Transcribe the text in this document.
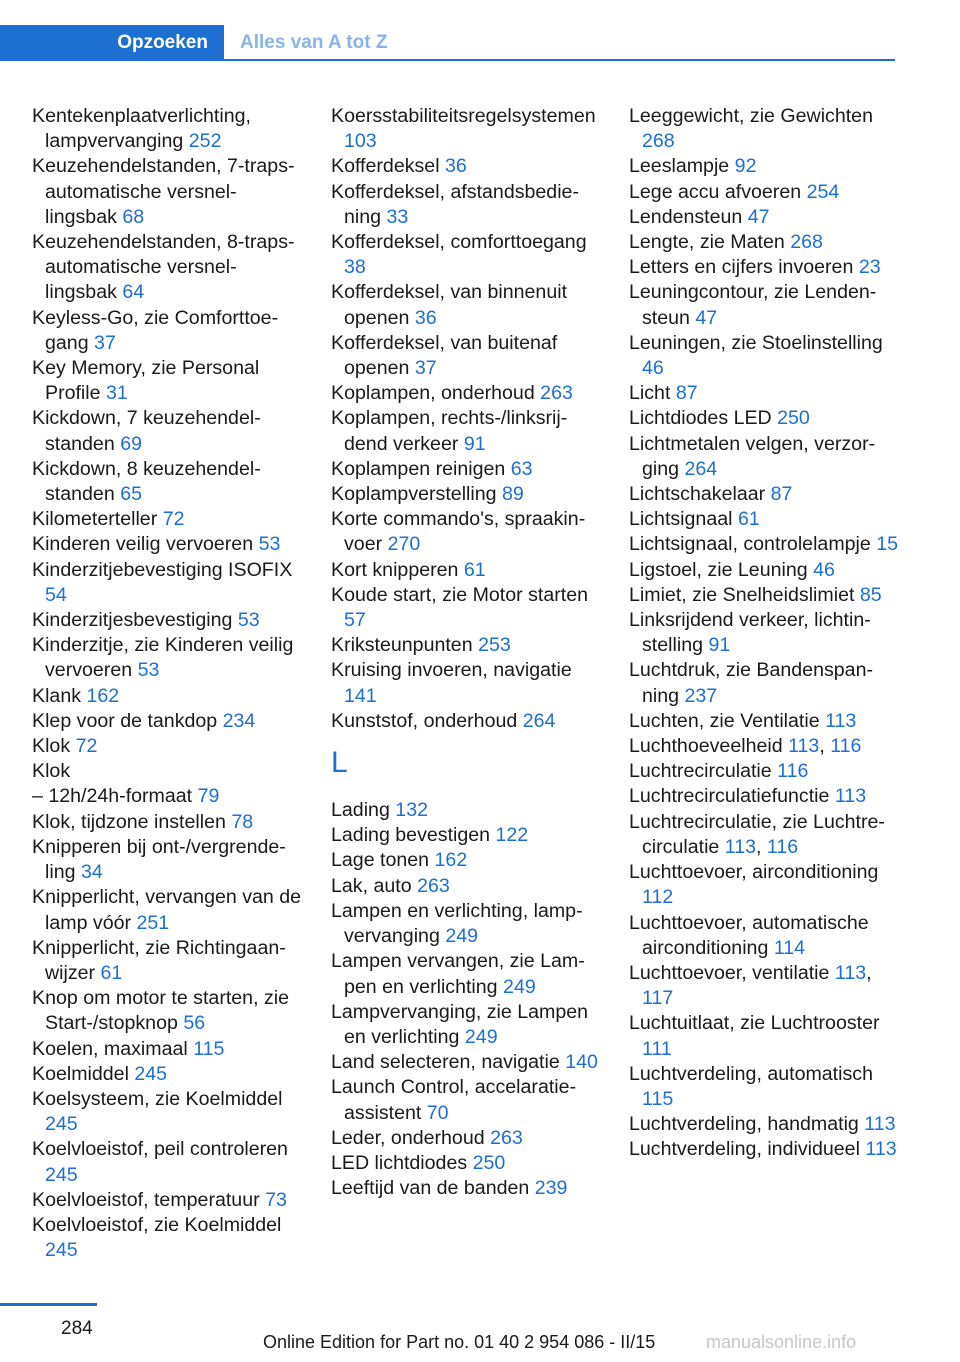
Opzoeken	Alles van A tot Z
Kentekenplaatverlichting, lampvervanging 252
Keuzehendelstanden, 7-traps-automatische versnellingsbak 68
Keuzehendelstanden, 8-traps-automatische versnellingsbak 64
Keyless-Go, zie Comforttoegang 37
Key Memory, zie Personal Profile 31
Kickdown, 7 keuzehendelstanden 69
Kickdown, 8 keuzehendelstanden 65
Kilometerteller 72
Kinderen veilig vervoeren 53
Kinderzitjebevestiging ISOFIX 54
Kinderzitjesbevestiging 53
Kinderzitje, zie Kinderen veilig vervoeren 53
Klank 162
Klep voor de tankdop 234
Klok 72
Klok
– 12h/24h-formaat 79
Klok, tijdzone instellen 78
Knipperen bij ont-/vergrendeling 34
Knipperlicht, vervangen van de lamp vóór 251
Knipperlicht, zie Richtingaanwijzer 61
Knop om motor te starten, zie Start-/stopknop 56
Koelen, maximaal 115
Koelmiddel 245
Koelsysteem, zie Koelmiddel 245
Koelvloeistof, peil controleren 245
Koelvloeistof, temperatuur 73
Koelvloeistof, zie Koelmiddel 245
Koersstabiliteitsregelsystemen 103
Kofferdeksel 36
Kofferdeksel, afstandsbediening 33
Kofferdeksel, comforttoegang 38
Kofferdeksel, van binnenuit openen 36
Kofferdeksel, van buitenaf openen 37
Koplampen, onderhoud 263
Koplampen, rechts-/linksrijdend verkeer 91
Koplampen reinigen 63
Koplampverstelling 89
Korte commando's, spraakinvoer 270
Kort knipperen 61
Koude start, zie Motor starten 57
Kriksteunpunten 253
Kruising invoeren, navigatie 141
Kunststof, onderhoud 264
L
Lading 132
Lading bevestigen 122
Lage tonen 162
Lak, auto 263
Lampen en verlichting, lampvervanging 249
Lampen vervangen, zie Lampen en verlichting 249
Lampvervanging, zie Lampen en verlichting 249
Land selecteren, navigatie 140
Launch Control, accelaratie-assistent 70
Leder, onderhoud 263
LED lichtdiodes 250
Leeftijd van de banden 239
Leeggewicht, zie Gewichten 268
Leeslampje 92
Lege accu afvoeren 254
Lendensteun 47
Lengte, zie Maten 268
Letters en cijfers invoeren 23
Leuningcontour, zie Lendensteun 47
Leuningen, zie Stoelinstelling 46
Licht 87
Lichtdiodes LED 250
Lichtmetalen velgen, verzorging 264
Lichtschakelaar 87
Lichtsignaal 61
Lichtsignaal, controlelampje 15
Ligstoel, zie Leuning 46
Limiet, zie Snelheidslimiet 85
Linksrijdend verkeer, lichtinstelling 91
Luchtdruk, zie Bandenspanning 237
Luchten, zie Ventilatie 113
Luchthoeveelheid 113, 116
Luchtrecirculatie 116
Luchtrecirculatiefunctie 113
Luchtrecirculatie, zie Luchtrecirculatie 113, 116
Luchttoevoer, airconditioning 112
Luchttoevoer, automatische airconditioning 114
Luchttoevoer, ventilatie 113, 117
Luchtuitlaat, zie Luchtrooster 111
Luchtverdeling, automatisch 115
Luchtverdeling, handmatig 113
Luchtverdeling, individueel 113
284
Online Edition for Part no. 01 40 2 954 086 - II/15	manualsonline.info
